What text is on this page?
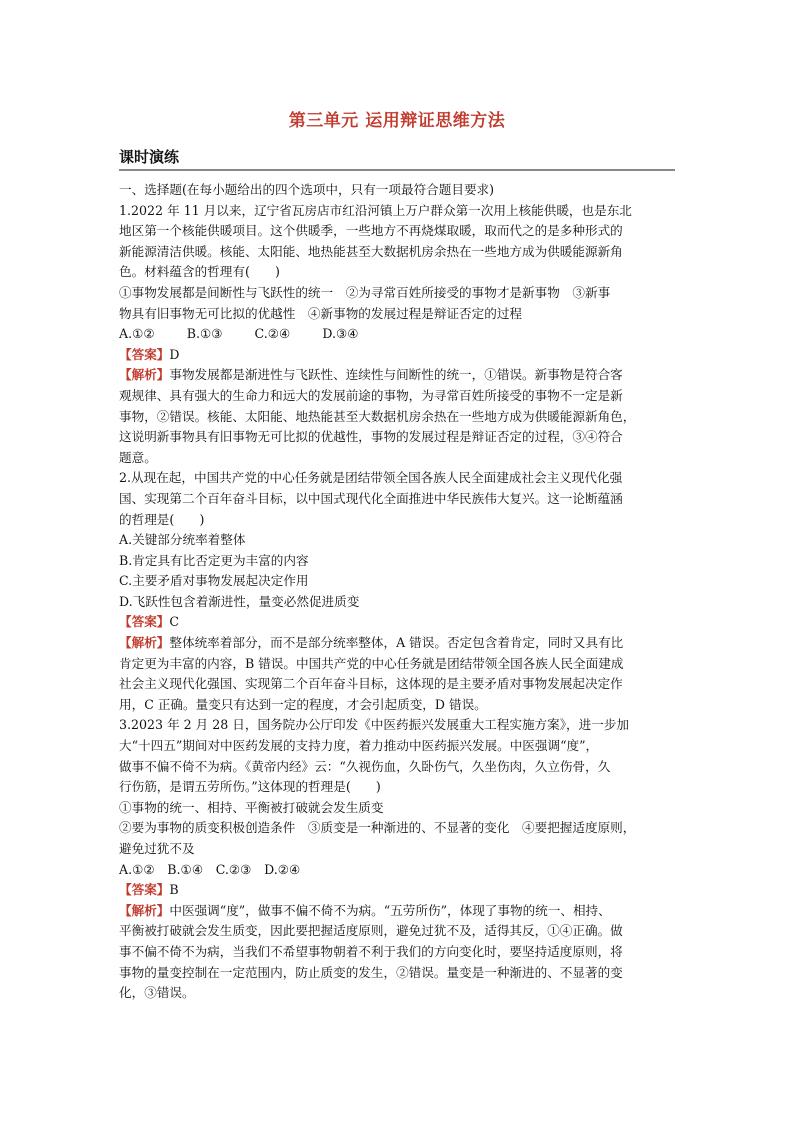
第三单元 运用辩证思维方法
课时演练

一、选择题(在每小题给出的四个选项中，只有一项最符合题目要求)

1.2022 年 11 月以来，辽宁省瓦房店市红沿河镇上万户群众第一次用上核能供暖，也是东北

地区第一个核能供暖项目。这个供暖季，一些地方不再烧煤取暖，取而代之的是多种形式的

新能源清洁供暖。核能、太阳能、地热能甚至大数据机房余热在一些地方成为供暖能源新角

色。材料蕴含的哲理有(　　)

①事物发展都是间断性与飞跃性的统一　②为寻常百姓所接受的事物才是新事物　③新事

物具有旧事物无可比拟的优越性　④新事物的发展过程是辩证否定的过程

A.①②	B.①③	C.②④	D.③④

【答案】D

【解析】事物发展都是渐进性与飞跃性、连续性与间断性的统一，①错误。新事物是符合客

观规律、具有强大的生命力和远大的发展前途的事物，为寻常百姓所接受的事物不一定是新

事物，②错误。核能、太阳能、地热能甚至大数据机房余热在一些地方成为供暖能源新角色，

这说明新事物具有旧事物无可比拟的优越性，事物的发展过程是辩证否定的过程，③④符合

题意。

2.从现在起，中国共产党的中心任务就是团结带领全国各族人民全面建成社会主义现代化强

国、实现第二个百年奋斗目标，以中国式现代化全面推进中华民族伟大复兴。这一论断蕴涵

的哲理是(　　)

A.关键部分统率着整体

B.肯定具有比否定更为丰富的内容

C.主要矛盾对事物发展起决定作用

D.飞跃性包含着渐进性，量变必然促进质变

【答案】C

【解析】整体统率着部分，而不是部分统率整体，A 错误。否定包含着肯定，同时又具有比

肯定更为丰富的内容，B 错误。中国共产党的中心任务就是团结带领全国各族人民全面建成

社会主义现代化强国、实现第二个百年奋斗目标，这体现的是主要矛盾对事物发展起决定作

用，C 正确。量变只有达到一定的程度，才会引起质变，D 错误。

3.2023 年 2 月 28 日，国务院办公厅印发《中医药振兴发展重大工程实施方案》，进一步加

大“十四五”期间对中医药发展的支持力度，着力推动中医药振兴发展。中医强调“度”，

做事不偏不倚不为病。《黄帝内经》云：“久视伤血，久卧伤气，久坐伤肉，久立伤骨，久

行伤筋，是谓五劳所伤。”这体现的哲理是(　　)

①事物的统一、相持、平衡被打破就会发生质变

②要为事物的质变积极创造条件　③质变是一种渐进的、不显著的变化　④要把握适度原则，

避免过犹不及

A.①②　B.①④　C.②③　D.②④

【答案】B

【解析】中医强调“度”，做事不偏不倚不为病。“五劳所伤”，体现了事物的统一、相持、

平衡被打破就会发生质变，因此要把握适度原则，避免过犹不及，适得其反，①④正确。做

事不偏不倚不为病，当我们不希望事物朝着不利于我们的方向变化时，要坚持适度原则，将

事物的量变控制在一定范围内，防止质变的发生，②错误。量变是一种渐进的、不显著的变

化，③错误。
